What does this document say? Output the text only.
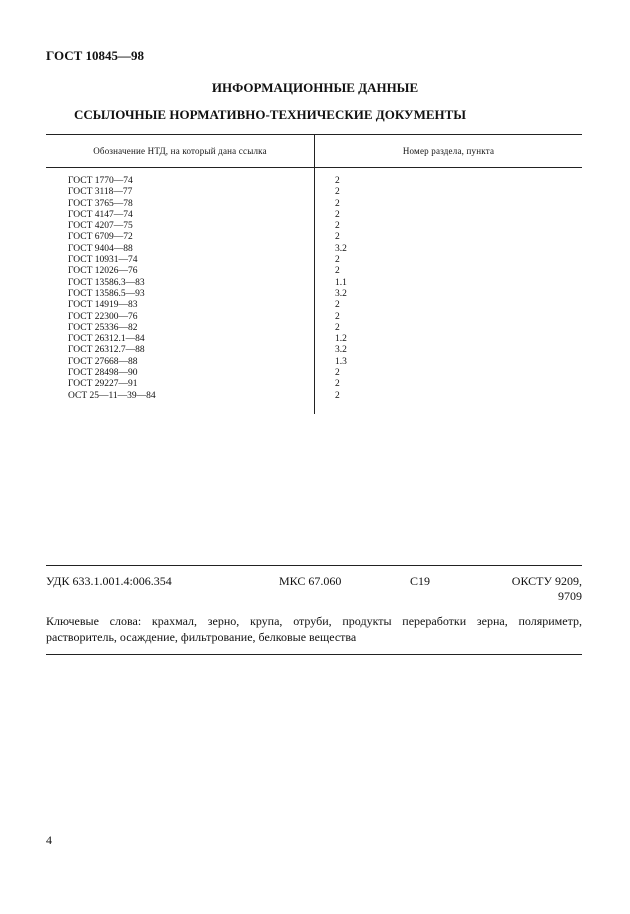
ГОСТ 10845—98
ИНФОРМАЦИОННЫЕ ДАННЫЕ
ССЫЛОЧНЫЕ НОРМАТИВНО-ТЕХНИЧЕСКИЕ ДОКУМЕНТЫ
Обозначение НТД, на который дана ссылка	Номер раздела, пункта
ГОСТ 1770—74	2
ГОСТ 3118—77	2
ГОСТ 3765—78	2
ГОСТ 4147—74	2
ГОСТ 4207—75	2
ГОСТ 6709—72	2
ГОСТ 9404—88	3.2
ГОСТ 10931—74	2
ГОСТ 12026—76	2
ГОСТ 13586.3—83	1.1
ГОСТ 13586.5—93	3.2
ГОСТ 14919—83	2
ГОСТ 22300—76	2
ГОСТ 25336—82	2
ГОСТ 26312.1—84	1.2
ГОСТ 26312.7—88	3.2
ГОСТ 27668—88	1.3
ГОСТ 28498—90	2
ГОСТ 29227—91	2
ОСТ 25—11—39—84	2
УДК 633.1.001.4:006.354	МКС 67.060	С19	ОКСТУ 9209,
9709
Ключевые слова: крахмал, зерно, крупа, отруби, продукты переработки зерна, поляриметр, растворитель, осаждение, фильтрование, белковые вещества
4
